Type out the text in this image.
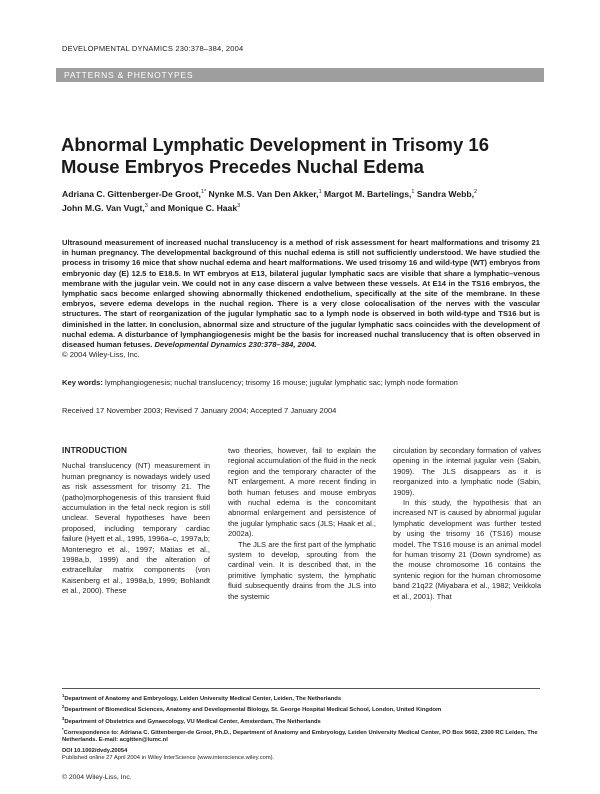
DEVELOPMENTAL DYNAMICS 230:378–384, 2004
PATTERNS & PHENOTYPES
Abnormal Lymphatic Development in Trisomy 16 Mouse Embryos Precedes Nuchal Edema
Adriana C. Gittenberger-De Groot,$^{1*}$ Nynke M.S. Van Den Akker,$^1$ Margot M. Bartelings,$^1$ Sandra Webb,$^2$
John M.G. Van Vugt,$^3$ and Monique C. Haak$^3$

Ultrasound measurement of increased nuchal translucency is a method of risk assessment for heart malformations and trisomy 21 in human pregnancy. The developmental background of this nuchal edema is still not sufficiently understood. We have studied the process in trisomy 16 mice that show nuchal edema and heart malformations. We used trisomy 16 and wild-type (WT) embryos from embryonic day (E) 12.5 to E18.5. In WT embryos at E13, bilateral jugular lymphatic sacs are visible that share a lymphatic–venous membrane with the jugular vein. We could not in any case discern a valve between these vessels. At E14 in the TS16 embryos, the lymphatic sacs become enlarged showing abnormally thickened endothelium, specifically at the site of the membrane. In these embryos, severe edema develops in the nuchal region. There is a very close colocalisation of the nerves with the vascular structures. The start of reorganization of the jugular lymphatic sac to a lymph node is observed in both wild-type and TS16 but is diminished in the latter. In conclusion, abnormal size and structure of the jugular lymphatic sacs coincides with the development of nuchal edema. A disturbance of lymphangiogenesis might be the basis for increased nuchal translucency that is often observed in diseased human fetuses. Developmental Dynamics 230:378–384, 2004.
© 2004 Wiley-Liss, Inc.

Key words: lymphangiogenesis; nuchal translucency; trisomy 16 mouse; jugular lymphatic sac; lymph node formation
Received 17 November 2003; Revised 7 January 2004; Accepted 7 January 2004

INTRODUCTION

Nuchal translucency (NT) measurement in human pregnancy is nowadays widely used as risk assessment for trisomy 21. The (patho)morphogenesis of this transient fluid accumulation in the fetal neck region is still unclear. Several hypotheses have been proposed, including temporary cardiac failure (Hyett et al., 1995, 1996a–c, 1997a,b; Montenegro et al., 1997; Matias et al., 1998a,b, 1999) and the alteration of extracellular matrix components (von Kaisenberg et al., 1998a,b, 1999; Bohlandt et al., 2000). These

two theories, however, fail to explain the regional accumulation of the fluid in the neck region and the temporary character of the NT enlargement. A more recent finding in both human fetuses and mouse embryos with nuchal edema is the concomitant abnormal enlargement and persistence of the jugular lymphatic sacs (JLS; Haak et al., 2002a).

The JLS are the first part of the lymphatic system to develop, sprouting from the cardinal vein. It is described that, in the primitive lymphatic system, the lymphatic fluid subsequently drains from the JLS into the systemic

circulation by secondary formation of valves opening in the internal jugular vein (Sabin, 1909). The JLS disappears as it is reorganized into a lymphatic node (Sabin, 1909).

In this study, the hypothesis that an increased NT is caused by abnormal jugular lymphatic development was further tested by using the trisomy 16 (TS16) mouse model. The TS16 mouse is an animal model for human trisomy 21 (Down syndrome) as the mouse chromosome 16 contains the syntenic region for the human chromosome band 21q22 (Miyabara et al., 1982; Veikkola et al., 2001). That

$^1$Department of Anatomy and Embryology, Leiden University Medical Center, Leiden, The Netherlands
$^2$Department of Biomedical Sciences, Anatomy and Developmental Biology, St. George Hospital Medical School, London, United Kingdom
$^3$Department of Obstetrics and Gynaecology, VU Medical Center, Amsterdam, The Netherlands
*Correspondence to: Adriana C. Gittenberger-de Groot, Ph.D., Department of Anatomy and Embryology, Leiden University Medical Center, PO Box 9602, 2300 RC Leiden, The Netherlands. E-mail: acgitten@lumc.nl
DOI 10.1002/dvdy.20054
Published online 27 April 2004 in Wiley InterScience (www.interscience.wiley.com).
© 2004 Wiley-Liss, Inc.
